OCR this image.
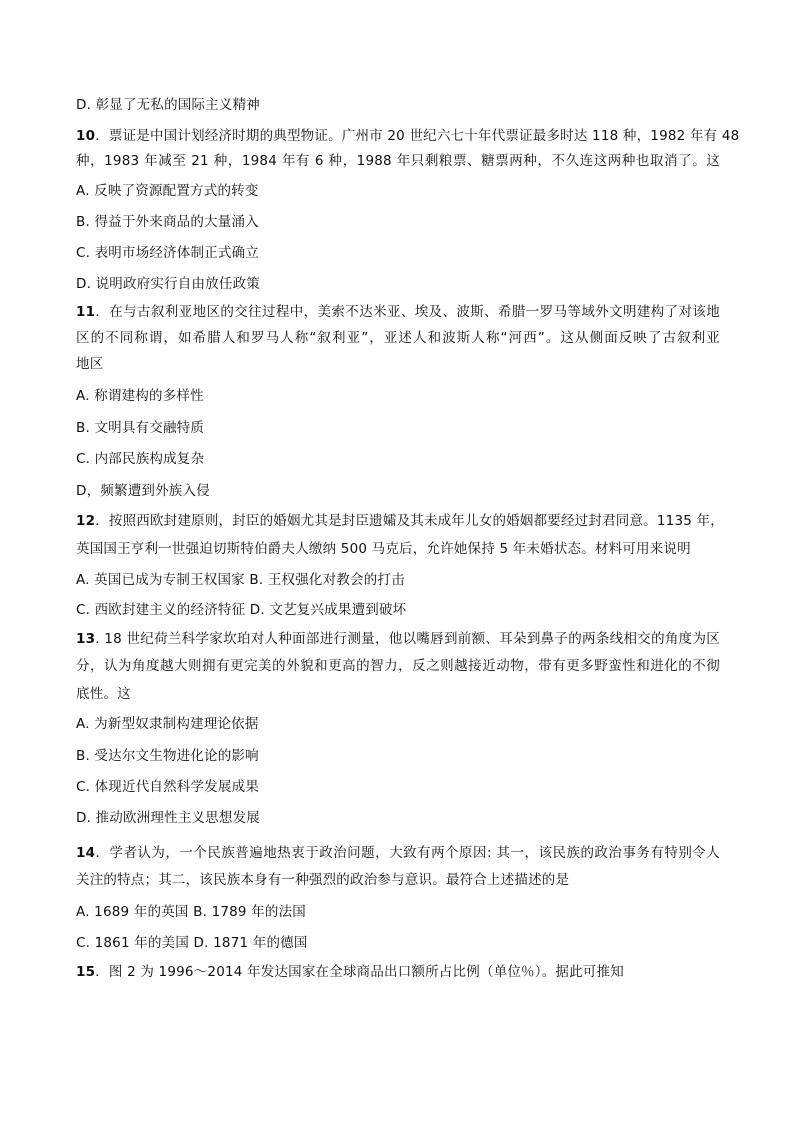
D. 彰显了无私的国际主义精神
10．票证是中国计划经济时期的典型物证。广州市 20 世纪六七十年代票证最多时达 118 种，1982 年有 48
种，1983 年减至 21 种，1984 年有 6 种，1988 年只剩粮票、糖票两种，不久连这两种也取消了。这
A. 反映了资源配置方式的转变
B. 得益于外来商品的大量涌入
C. 表明市场经济体制正式确立
D. 说明政府实行自由放任政策
11．在与古叙利亚地区的交往过程中，美索不达米亚、埃及、波斯、希腊一罗马等域外文明建构了对该地
区的不同称谓，如希腊人和罗马人称“叙利亚”，亚述人和波斯人称“河西”。这从侧面反映了古叙利亚
地区
A. 称谓建构的多样性
B. 文明具有交融特质
C. 内部民族构成复杂
D，频繁遭到外族入侵
12．按照西欧封建原则，封臣的婚姻尤其是封臣遗孀及其未成年儿女的婚姻都要经过封君同意。1135 年，
英国国王亨利一世强迫切斯特伯爵夫人缴纳 500 马克后，允许她保持 5 年未婚状态。材料可用来说明
A. 英国已成为专制王权国家 B. 王权强化对教会的打击
C. 西欧封建主义的经济特征 D. 文艺复兴成果遭到破坏
13. 18 世纪荷兰科学家坎珀对人种面部进行测量，他以嘴唇到前额、耳朵到鼻子的两条线相交的角度为区
分，认为角度越大则拥有更完美的外貌和更高的智力，反之则越接近动物，带有更多野蛮性和进化的不彻
底性。这
A. 为新型奴隶制构建理论依据
B. 受达尔文生物进化论的影响
C. 体现近代自然科学发展成果
D. 推动欧洲理性主义思想发展
14．学者认为，一个民族普遍地热衷于政治问题，大致有两个原因: 其一，该民族的政治事务有特别令人
关注的特点；其二，该民族本身有一种强烈的政治参与意识。最符合上述描述的是
A. 1689 年的英国 B. 1789 年的法国
C. 1861 年的美国 D. 1871 年的德国
15．图 2 为 1996～2014 年发达国家在全球商品出口额所占比例（单位％）。据此可推知
